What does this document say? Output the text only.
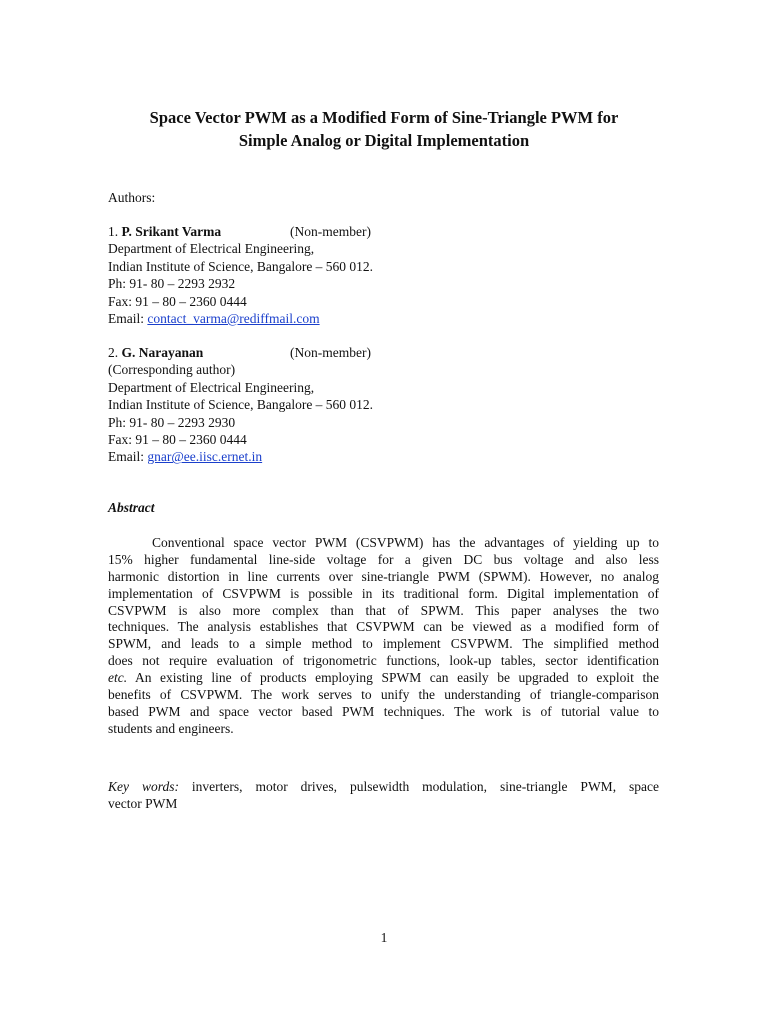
Space Vector PWM as a Modified Form of Sine-Triangle PWM for
Simple Analog or Digital Implementation
Authors:
1. P. Srikant Varma	(Non-member)
Department of Electrical Engineering,
Indian Institute of Science, Bangalore – 560 012.
Ph: 91- 80 – 2293 2932
Fax: 91 – 80 – 2360 0444
Email: contact_varma@rediffmail.com
2. G. Narayanan	(Non-member)
(Corresponding author)
Department of Electrical Engineering,
Indian Institute of Science, Bangalore – 560 012.
Ph: 91- 80 – 2293 2930
Fax: 91 – 80 – 2360 0444
Email: gnar@ee.iisc.ernet.in
Abstract
Conventional space vector PWM (CSVPWM) has the advantages of yielding up to
15% higher fundamental line-side voltage for a given DC bus voltage and also less
harmonic distortion in line currents over sine-triangle PWM (SPWM). However, no analog
implementation of CSVPWM is possible in its traditional form. Digital implementation of
CSVPWM is also more complex than that of SPWM. This paper analyses the two
techniques. The analysis establishes that CSVPWM can be viewed as a modified form of
SPWM, and leads to a simple method to implement CSVPWM. The simplified method
does not require evaluation of trigonometric functions, look-up tables, sector identification
etc. An existing line of products employing SPWM can easily be upgraded to exploit the
benefits of CSVPWM. The work serves to unify the understanding of triangle-comparison
based PWM and space vector based PWM techniques. The work is of tutorial value to
students and engineers.
Key words: inverters, motor drives, pulsewidth modulation, sine-triangle PWM, space
vector PWM
1
